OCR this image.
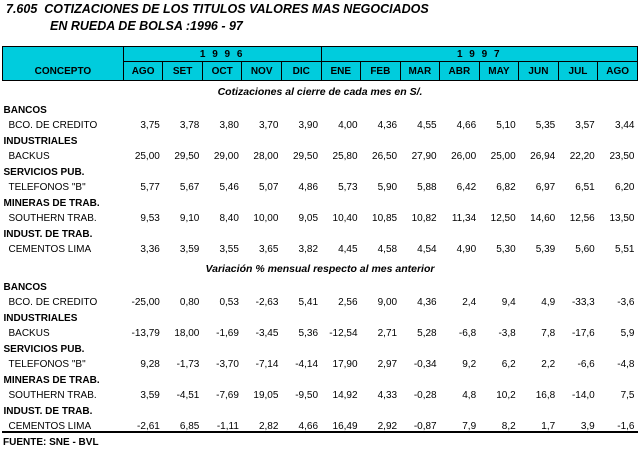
7.605  COTIZACIONES DE LOS TITULOS VALORES MAS NEGOCIADOS
EN RUEDA DE BOLSA :1996 - 97
CONCEPTO	1 9 9 6					1 9 9 7							
	AGO	SET	OCT	NOV	DIC	ENE	FEB	MAR	ABR	MAY	JUN	JUL	AGO
Cotizaciones al cierre de cada mes en S/.													
BANCOS													
BCO. DE CREDITO	3,75	3,78	3,80	3,70	3,90	4,00	4,36	4,55	4,66	5,10	5,35	3,57	3,44
INDUSTRIALES													
BACKUS	25,00	29,50	29,00	28,00	29,50	25,80	26,50	27,90	26,00	25,00	26,94	22,20	23,50
SERVICIOS PUB.													
TELEFONOS "B"	5,77	5,67	5,46	5,07	4,86	5,73	5,90	5,88	6,42	6,82	6,97	6,51	6,20
MINERAS DE TRAB.													
SOUTHERN TRAB.	9,53	9,10	8,40	10,00	9,05	10,40	10,85	10,82	11,34	12,50	14,60	12,56	13,50
INDUST. DE TRAB.													
CEMENTOS LIMA	3,36	3,59	3,55	3,65	3,82	4,45	4,58	4,54	4,90	5,30	5,39	5,60	5,51
Variación % mensual respecto al mes anterior													
BANCOS													
BCO. DE CREDITO	-25,00	0,80	0,53	-2,63	5,41	2,56	9,00	4,36	2,4	9,4	4,9	-33,3	-3,6
INDUSTRIALES													
BACKUS	-13,79	18,00	-1,69	-3,45	5,36	-12,54	2,71	5,28	-6,8	-3,8	7,8	-17,6	5,9
SERVICIOS PUB.													
TELEFONOS "B"	9,28	-1,73	-3,70	-7,14	-4,14	17,90	2,97	-0,34	9,2	6,2	2,2	-6,6	-4,8
MINERAS DE TRAB.													
SOUTHERN TRAB.	3,59	-4,51	-7,69	19,05	-9,50	14,92	4,33	-0,28	4,8	10,2	16,8	-14,0	7,5
INDUST. DE TRAB.													
CEMENTOS LIMA	-2,61	6,85	-1,11	2,82	4,66	16,49	2,92	-0,87	7,9	8,2	1,7	3,9	-1,6
FUENTE: SNE - BVL
